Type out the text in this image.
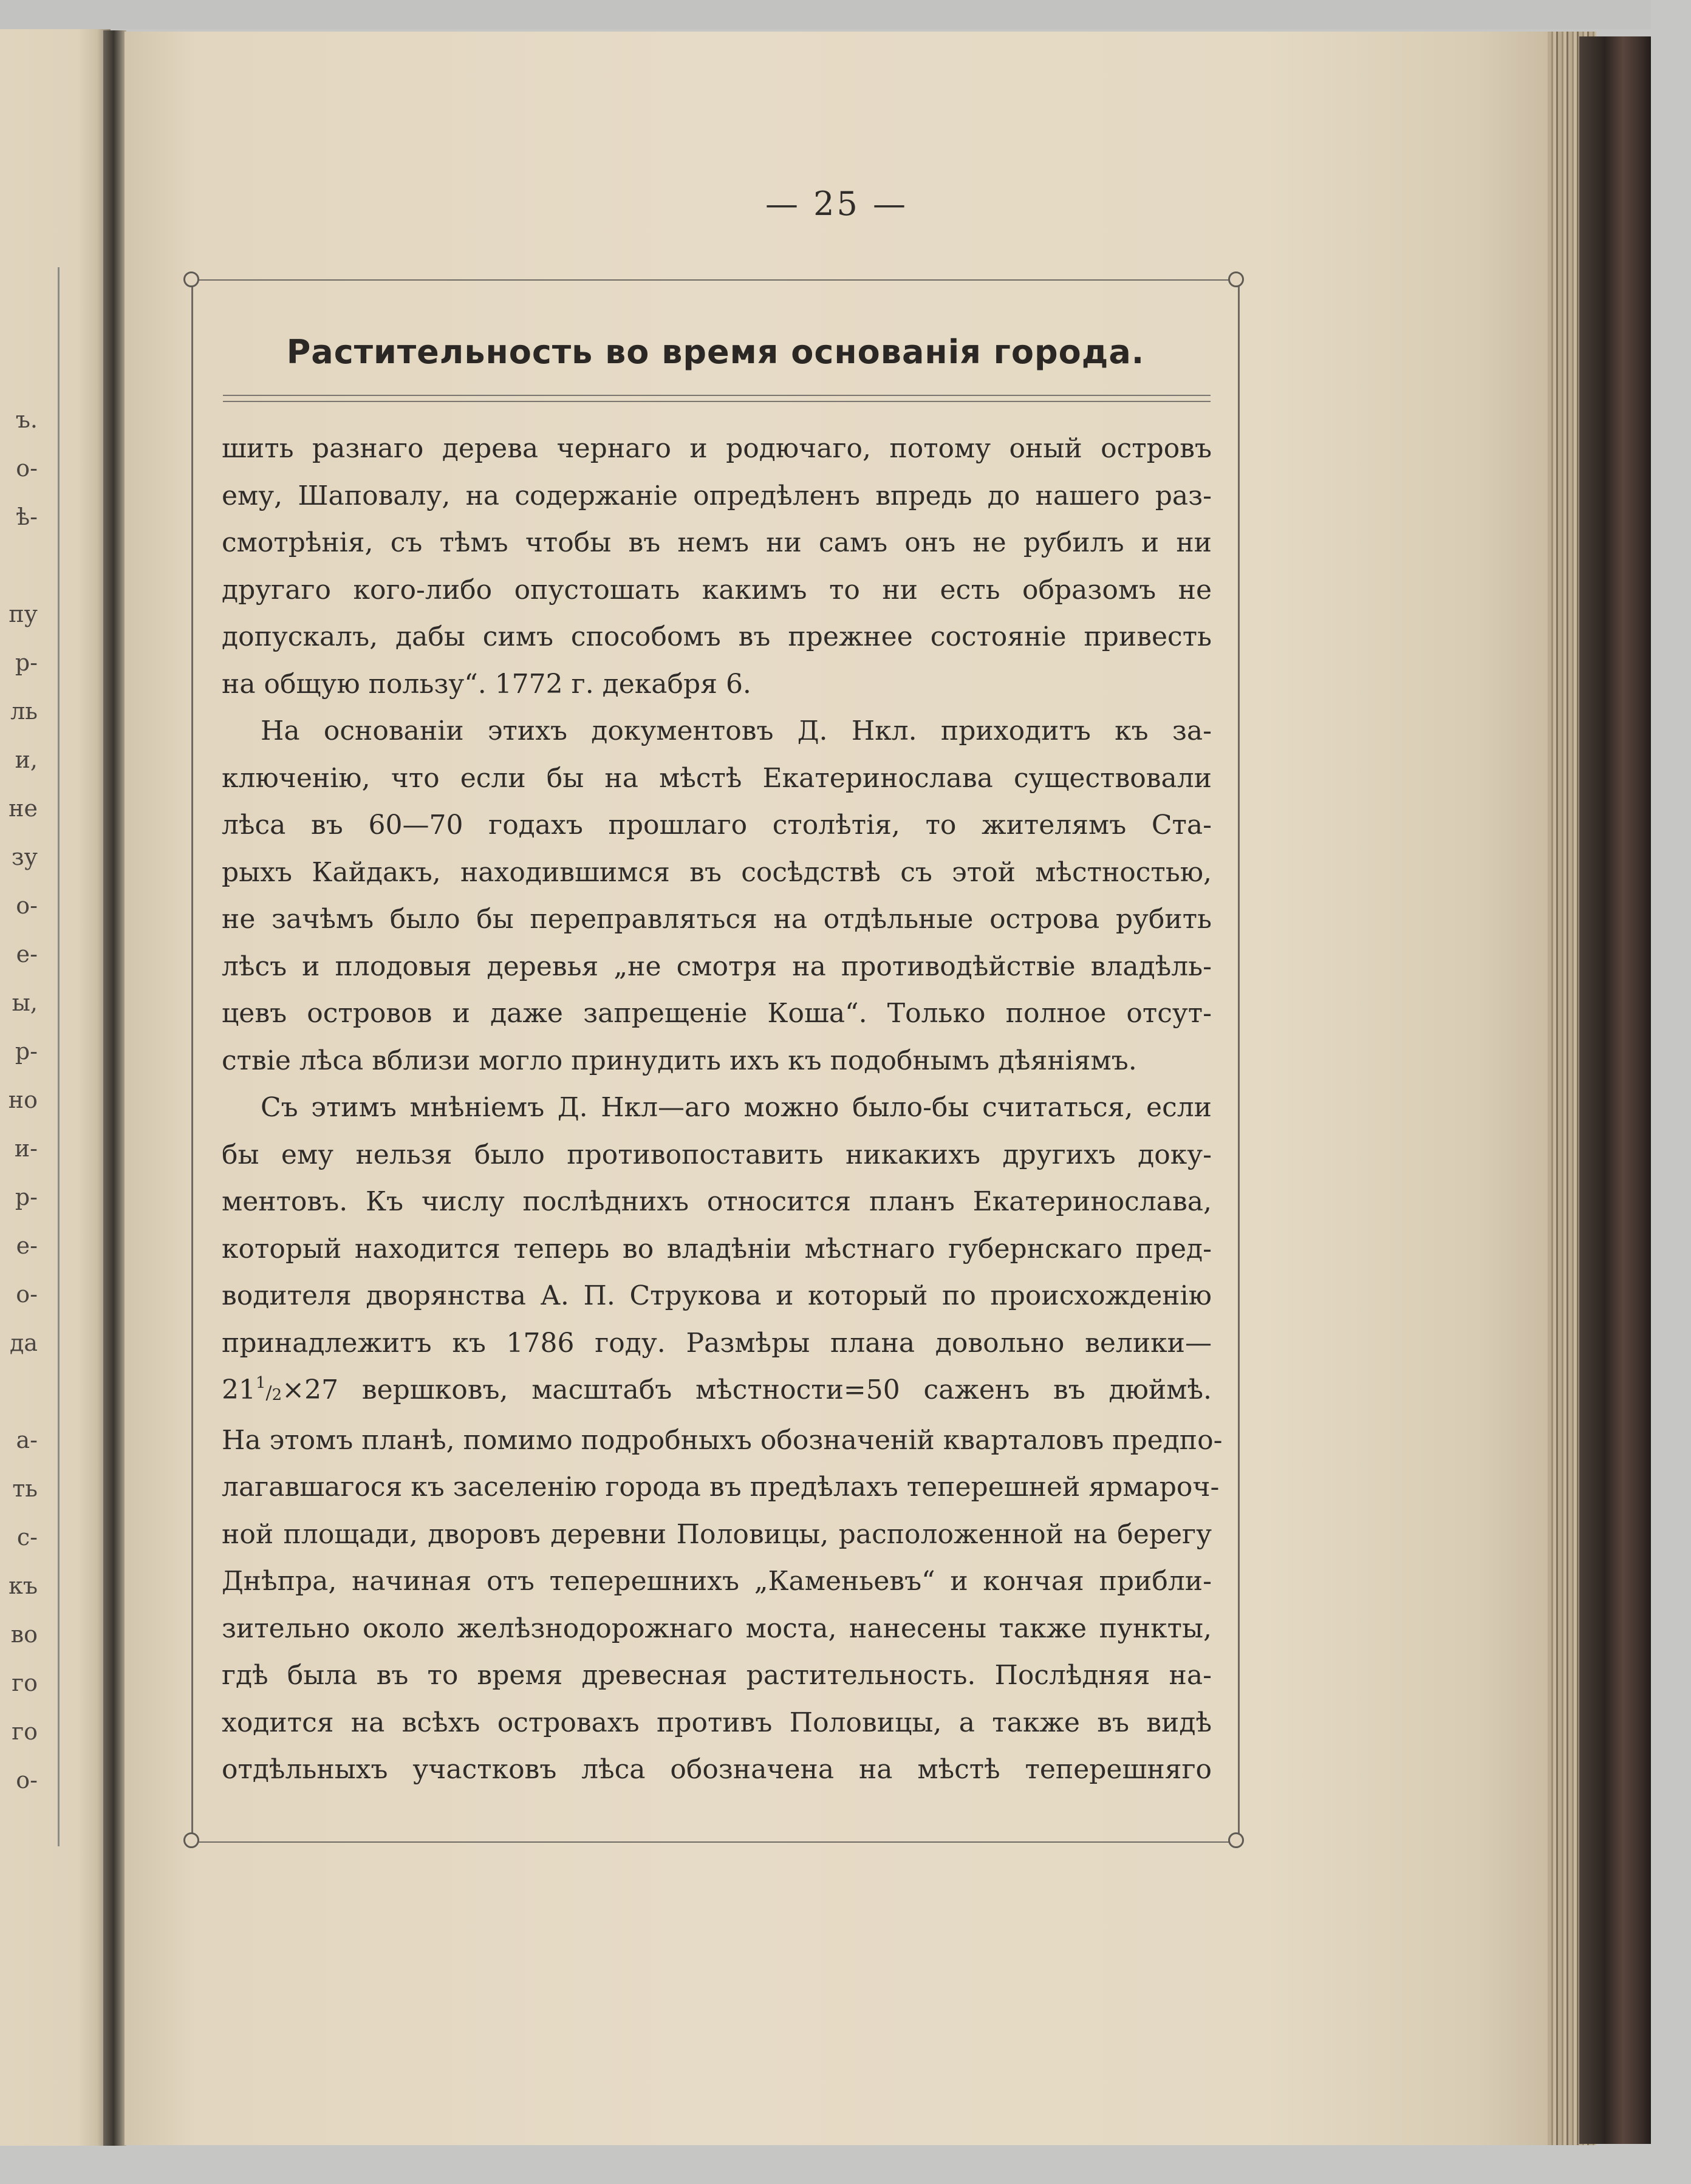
ъ.
о-
ѣ-
пу
р-
ль
и,
не
зу
о-
е-
ы,
р-
но
и-
р-
е-
о-
да
а-
ть
с-
къ
во
го
го
о-
— 25 —
Растительность во время основанія города.

шить разнаго дерева чернаго и родючаго, потому оный островъ
ему, Шаповалу, на содержаніе опредѣленъ впредь до нашего раз-
смотрѣнія, съ тѣмъ чтобы въ немъ ни самъ онъ не рубилъ и ни
другаго кого-либо опустошать какимъ то ни есть образомъ не
допускалъ, дабы симъ способомъ въ прежнее состояніе привесть
на общую пользу“. 1772 г. декабря 6.

На основаніи этихъ документовъ Д. Нкл. приходитъ къ за-
ключенію, что если бы на мѣстѣ Екатеринослава существовали
лѣса въ 60—70 годахъ прошлаго столѣтія, то жителямъ Ста-
рыхъ Кайдакъ, находившимся въ сосѣдствѣ съ этой мѣстностью,
не зачѣмъ было бы переправляться на отдѣльные острова рубить
лѣсъ и плодовыя деревья „не смотря на противодѣйствіе владѣль-
цевъ островов и даже запрещеніе Коша“. Только полное отсут-
ствіе лѣса вблизи могло принудить ихъ къ подобнымъ дѣяніямъ.

Съ этимъ мнѣніемъ Д. Нкл—аго можно было-бы считаться, если
бы ему нельзя было противопоставить никакихъ другихъ доку-
ментовъ. Къ числу послѣднихъ относится планъ Екатеринослава,
который находится теперь во владѣніи мѣстнаго губернскаго пред-
водителя дворянства А. П. Струкова и который по происхожденію
принадлежитъ къ 1786 году. Размѣры плана довольно велики—
$21^1/_2\times 27$ вершковъ, масштабъ мѣстности=50 саженъ въ дюймѣ.
На этомъ планѣ, помимо подробныхъ обозначеній кварталовъ предпо-
лагавшагося къ заселенію города въ предѣлахъ теперешней ярмароч-
ной площади, дворовъ деревни Половицы, расположенной на берегу
Днѣпра, начиная отъ теперешнихъ „Каменьевъ“ и кончая прибли-
зительно около желѣзнодорожнаго моста, нанесены также пункты,
гдѣ была въ то время древесная растительность. Послѣдняя на-
ходится на всѣхъ островахъ противъ Половицы, а также въ видѣ
отдѣльныхъ участковъ лѣса обозначена на мѣстѣ теперешняго
